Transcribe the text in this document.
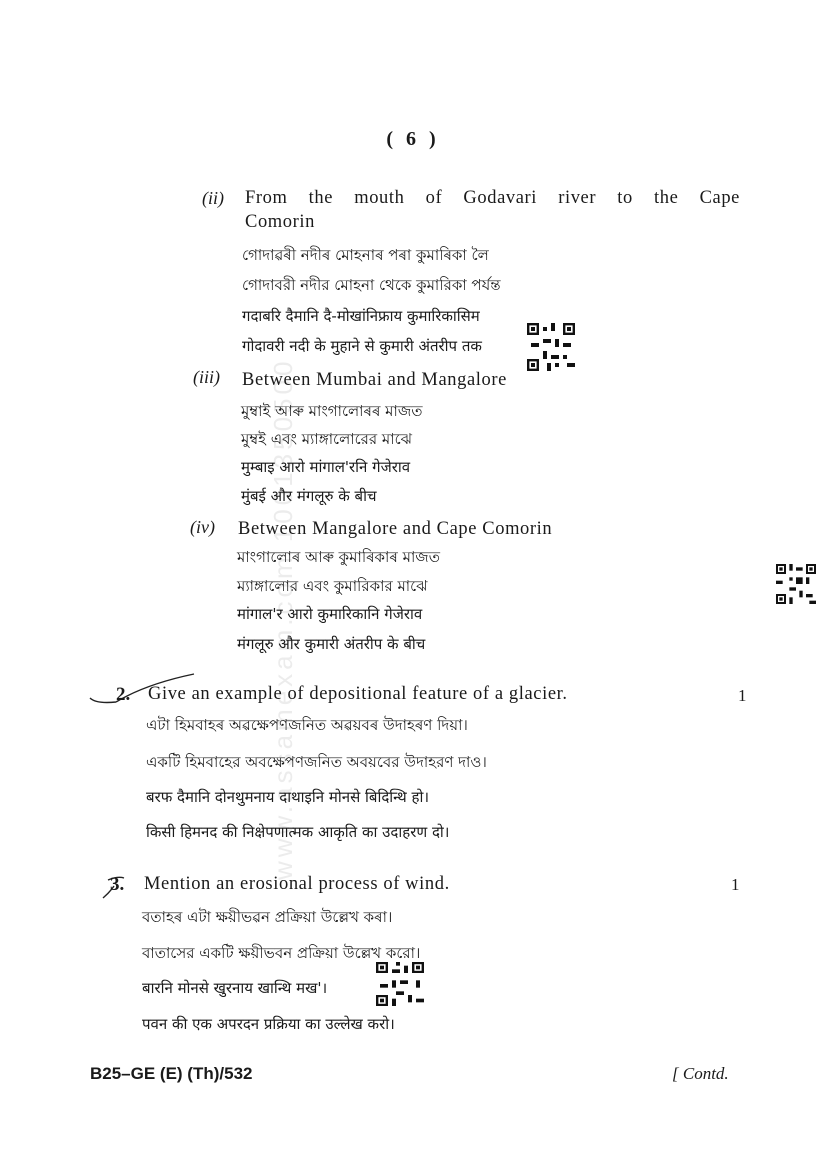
( 6 )
www.assamexam.com 1001350500
(ii) From the mouth of Godavari river to the Cape
Comorin
গোদাৱৰী নদীৰ মোহনাৰ পৰা কুমাৰিকা লৈ
গোদাবরী নদীর মোহনা থেকে কুমারিকা পর্যন্ত
गदाबरि दैमानि दै-मोखांनिफ्राय कुमारिकासिम
गोदावरी नदी के मुहाने से कुमारी अंतरीप तक
(iii) Between Mumbai and Mangalore
মুম্বাই আৰু মাংগালোৰৰ মাজত
মুম্বই এবং ম্যাঙ্গালোরের মাঝে
मुम्बाइ आरो मांगाल'रनि गेजेराव
मुंबई और मंगलूरु के बीच
(iv) Between Mangalore and Cape Comorin
মাংগালোৰ আৰু কুমাৰিকাৰ মাজত
ম্যাঙ্গালোর এবং কুমারিকার মাঝে
मांगाल'र आरो कुमारिकानि गेजेराव
मंगलूरु और कुमारी अंतरीप के बीच
2. Give an example of depositional feature of a glacier.	1
এটা হিমবাহৰ অৱক্ষেপণজনিত অৱয়বৰ উদাহৰণ দিয়া।
একটি হিমবাহের অবক্ষেপণজনিত অবয়বের উদাহরণ দাও।
बरफ दैमानि दोनथुमनाय दाथाइनि मोनसे बिदिन्थि हो।
किसी हिमनद की निक्षेपणात्मक आकृति का उदाहरण दो।
3. Mention an erosional process of wind.	1
বতাহৰ এটা ক্ষয়ীভৱন প্ৰক্ৰিয়া উল্লেখ কৰা।
বাতাসের একটি ক্ষয়ীভবন প্রক্রিয়া উল্লেখ করো।
बारनि मोनसे खुरनाय खान्थि मख'।
पवन की एक अपरदन प्रक्रिया का उल्लेख करो।
B25–GE (E) (Th)/532	[ Contd.
